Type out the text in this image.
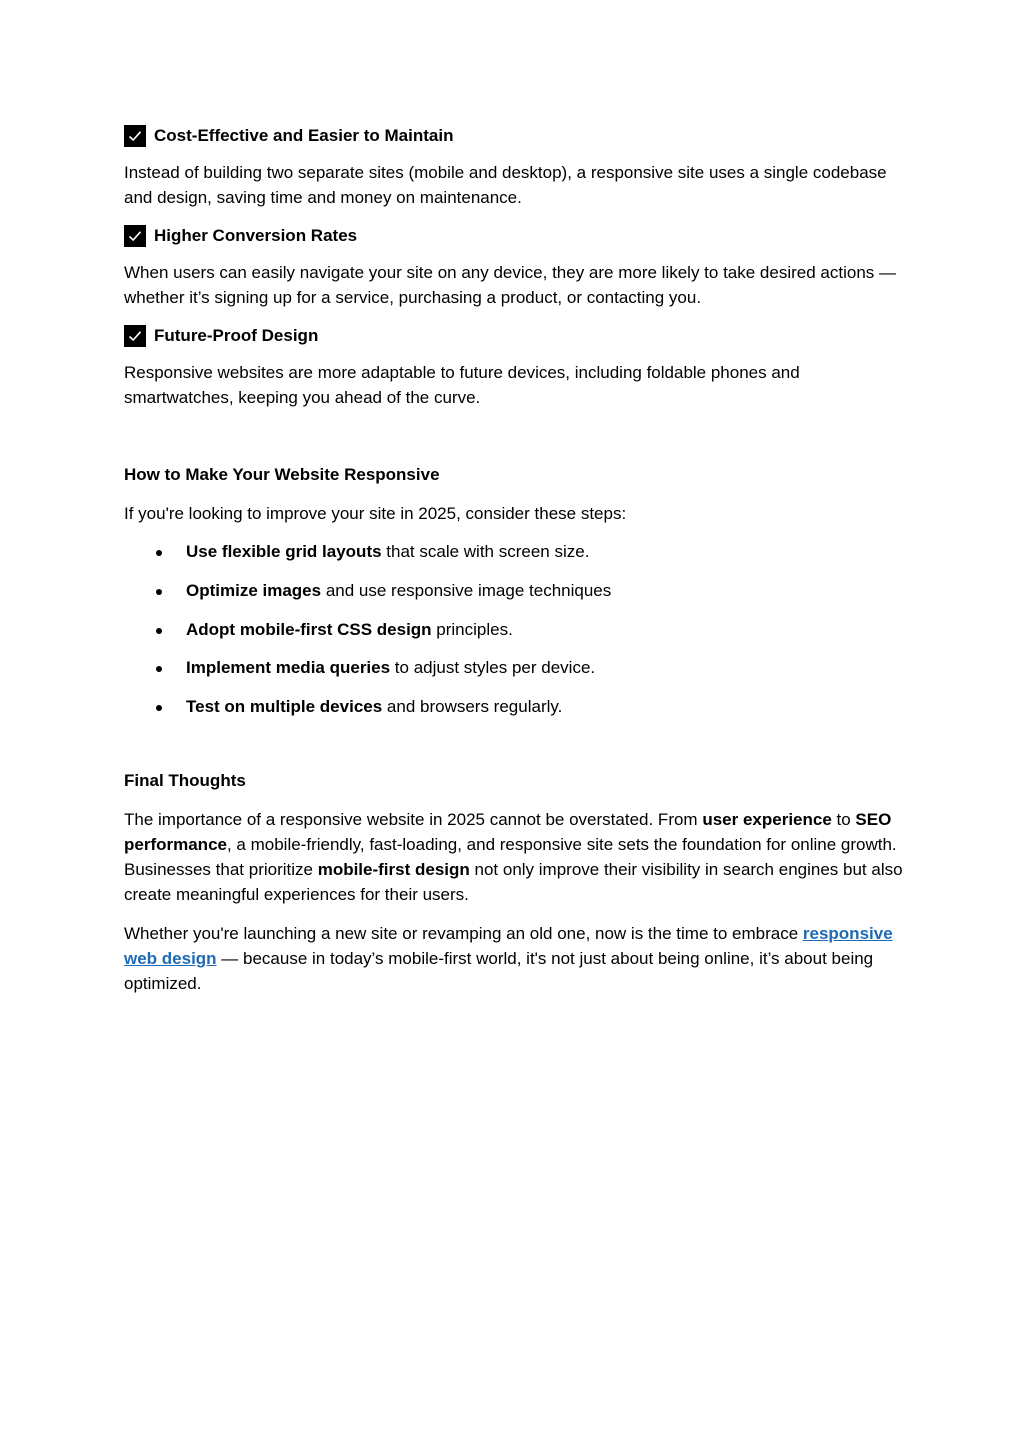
Cost-Effective and Easier to Maintain

Instead of building two separate sites (mobile and desktop), a responsive site uses a single codebase and design, saving time and money on maintenance.

Higher Conversion Rates

When users can easily navigate your site on any device, they are more likely to take desired actions — whether it’s signing up for a service, purchasing a product, or contacting you.

Future-Proof Design

Responsive websites are more adaptable to future devices, including foldable phones and smartwatches, keeping you ahead of the curve.

How to Make Your Website Responsive

If you're looking to improve your site in 2025, consider these steps:

Use flexible grid layouts that scale with screen size.
Optimize images and use responsive image techniques
Adopt mobile-first CSS design principles.
Implement media queries to adjust styles per device.
Test on multiple devices and browsers regularly.
Final Thoughts

The importance of a responsive website in 2025 cannot be overstated. From user experience to SEO performance, a mobile-friendly, fast-loading, and responsive site sets the foundation for online growth. Businesses that prioritize mobile-first design not only improve their visibility in search engines but also create meaningful experiences for their users.

Whether you're launching a new site or revamping an old one, now is the time to embrace responsive web design — because in today’s mobile-first world, it's not just about being online, it’s about being optimized.
